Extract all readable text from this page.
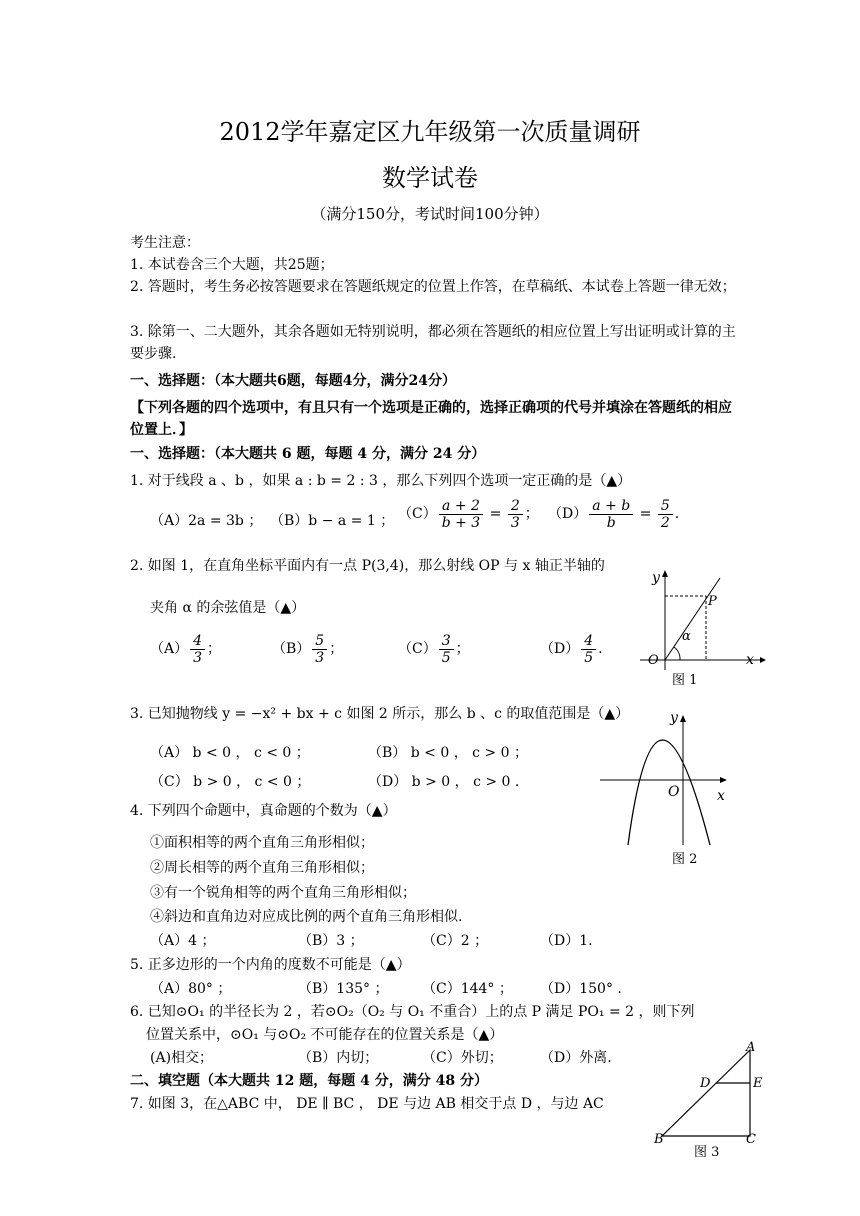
2012学年嘉定区九年级第一次质量调研
数学试卷
（满分150分，考试时间100分钟）
考生注意：
1. 本试卷含三个大题，共25题；
2. 答题时，考生务必按答题要求在答题纸规定的位置上作答，在草稿纸、本试卷上答题一律无效；
3. 除第一、二大题外，其余各题如无特别说明，都必须在答题纸的相应位置上写出证明或计算的主要步骤.
一、选择题：（本大题共6题，每题4分，满分24分）
【下列各题的四个选项中，有且只有一个选项是正确的，选择正确项的代号并填涂在答题纸的相应位置上．】
一、选择题：（本大题共 6 题，每题 4 分，满分 24 分）
1. 对于线段 a 、b ，如果 a : b = 2 : 3 ，那么下列四个选项一定正确的是（▲）
（A）2a = 3b ； （B）b − a = 1 ； $(C) \frac{a + 2}{b + 3} = \frac{2}{3}$ ； $(D) \frac{a + b}{b} = \frac{5}{2}$ .
2. 如图 1，在直角坐标平面内有一点 P(3,4)，那么射线 OP 与 x 轴正半轴的
夹角 α 的余弦值是（▲）
$(A) \frac{4}{3}$ ；	$(B) \frac{5}{3}$ ；	$(C) \frac{3}{5}$ ；	$(D) \frac{4}{5}$ .
y
x
O
P
α
图 1
3. 已知抛物线 y = −x² + bx + c 如图 2 所示，那么 b 、c 的取值范围是（▲）
（A） b < 0 ， c < 0 ；	（B） b < 0 ， c > 0 ；
（C） b > 0 ， c < 0 ；	（D） b > 0 ， c > 0 .
y
x
O
图 2
4. 下列四个命题中，真命题的个数为（▲）
①面积相等的两个直角三角形相似；
②周长相等的两个直角三角形相似；
③有一个锐角相等的两个直角三角形相似；
④斜边和直角边对应成比例的两个直角三角形相似.
（A）4 ；	（B）3 ；	（C）2 ；	（D）1.
5. 正多边形的一个内角的度数不可能是（▲）
（A）80° ；	（B）135° ； （C）144° ； （D）150° .
6. 已知⊙O₁ 的半径长为 2 ，若⊙O₂（O₂ 与 O₁ 不重合）上的点 P 满足 PO₁ = 2 ，则下列
位置关系中，⊙O₁ 与⊙O₂ 不可能存在的位置关系是（▲）
(A)相交；	（B）内切；	（C）外切；	（D）外离.
二、填空题（本大题共 12 题，每题 4 分，满分 48 分）
7. 如图 3，在△ABC 中， DE ∥ BC ， DE 与边 AB 相交于点 D ，与边 AC
A
D	E
B	C
图 3
